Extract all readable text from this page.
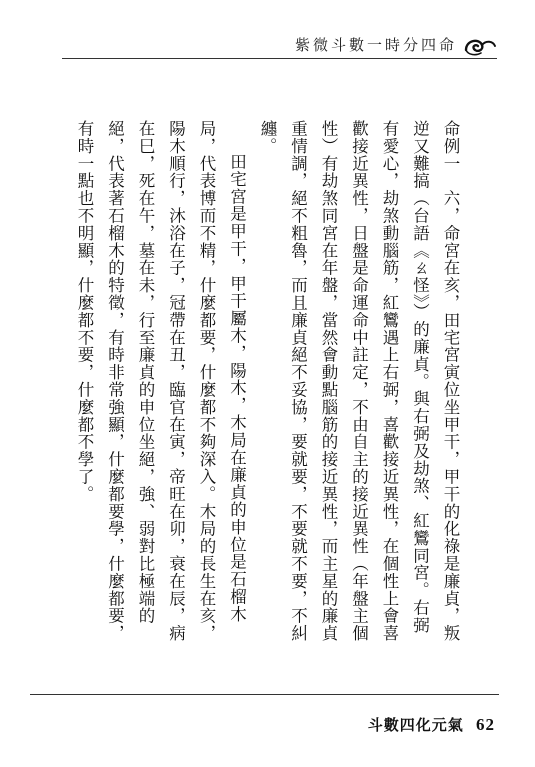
紫微斗數一時分四命

命例一　六，命宮在亥，田宅宮寅位坐甲干，甲干的化祿是廉貞，叛逆又難搞（台語《ㄠ怪》）的廉貞。與右弼及劫煞、紅鸞同宮。右弼有愛心，劫煞動腦筋，紅鸞遇上右弼，喜歡接近異性，在個性上會喜歡接近異性，日盤是命運命中註定，不由自主的接近異性（年盤主個性）有劫煞同宮在年盤，當然會動點腦筋的接近異性，而主星的廉貞重情調，絕不粗魯，而且廉貞絕不妥協，要就要，不要就不要，不糾纏。

田宅宮是甲干，甲干屬木，陽木，木局在廉貞的申位是石榴木局，代表博而不精，什麼都要，什麼都不夠深入。木局的長生在亥，陽木順行，沐浴在子，冠帶在丑，臨官在寅，帝旺在卯，衰在辰，病在巳，死在午，墓在未，行至廉貞的申位坐絕，強、弱對比極端的絕，代表著石榴木的特徵，有時非常強顯，什麼都要學，什麼都要，有時一點也不明顯，什麼都不要，什麼都不學了。

斗數四化元氣 62
